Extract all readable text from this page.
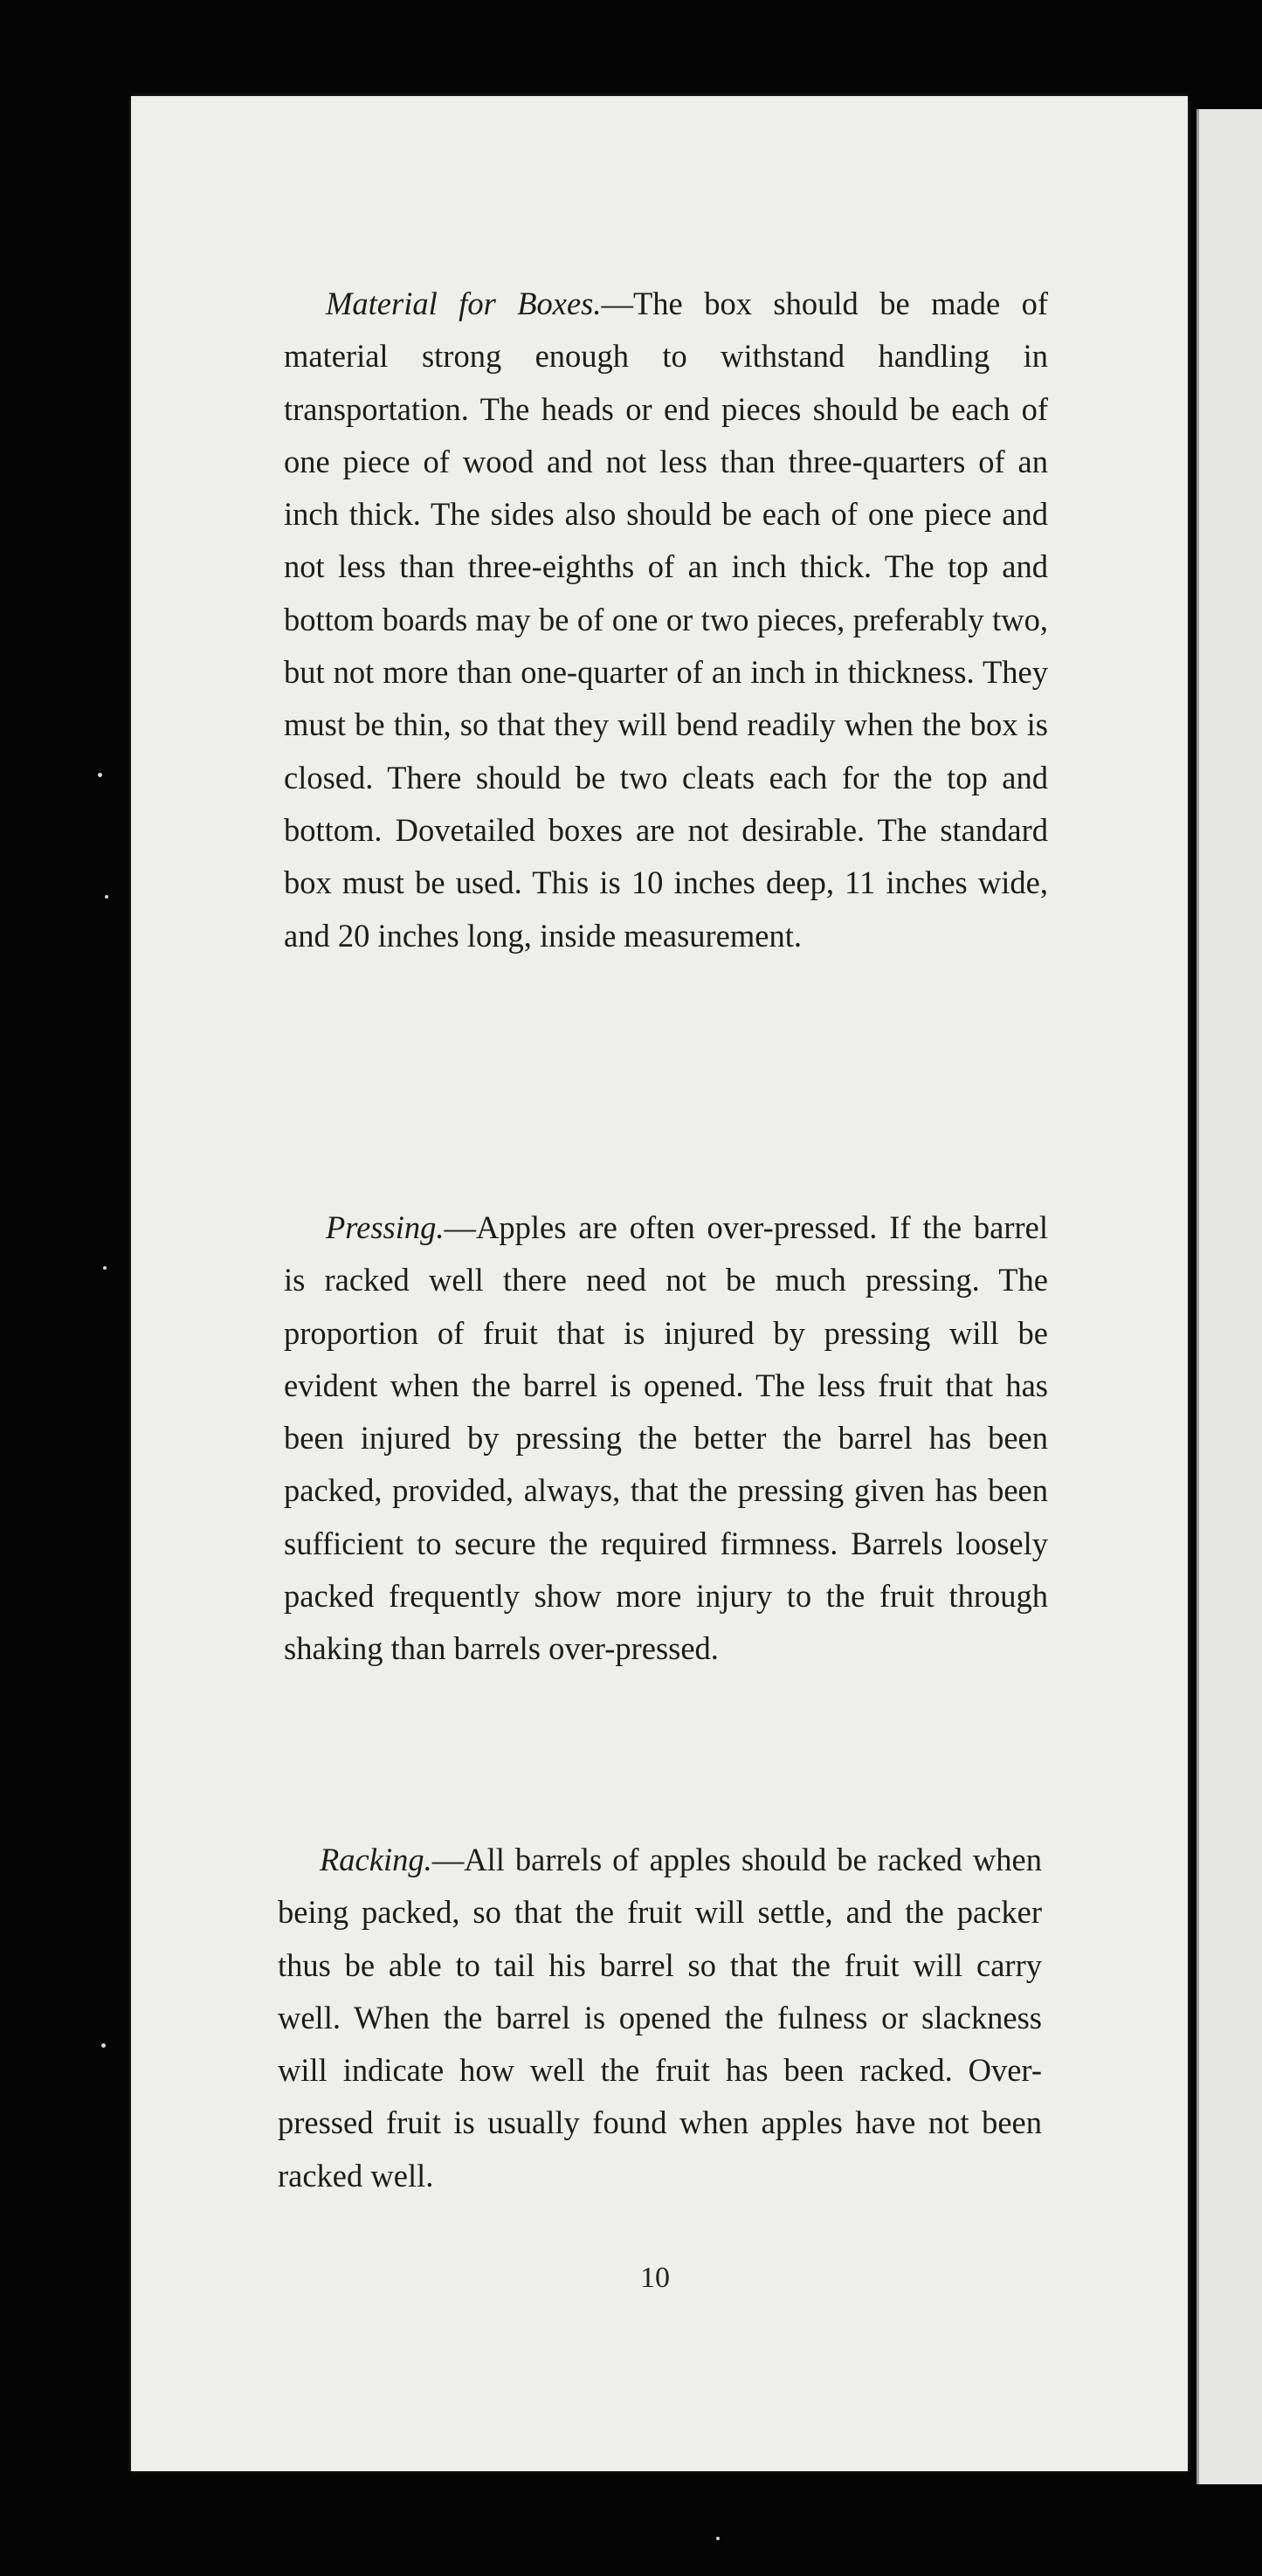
Material for Boxes.—The box should be made of material strong enough to withstand handling in transportation. The heads or end pieces should be each of one piece of wood and not less than three-quarters of an inch thick. The sides also should be each of one piece and not less than three-eighths of an inch thick. The top and bottom boards may be of one or two pieces, preferably two, but not more than one-quarter of an inch in thickness. They must be thin, so that they will bend readily when the box is closed. There should be two cleats each for the top and bottom. Dovetailed boxes are not desirable. The standard box must be used. This is 10 inches deep, 11 inches wide, and 20 inches long, inside measurement.
Pressing.—Apples are often over-pressed. If the barrel is racked well there need not be much pressing. The proportion of fruit that is injured by pressing will be evident when the barrel is opened. The less fruit that has been injured by pressing the better the barrel has been packed, provided, always, that the pressing given has been sufficient to secure the required firmness. Barrels loosely packed frequently show more injury to the fruit through shaking than barrels over-pressed.
Racking.—All barrels of apples should be racked when being packed, so that the fruit will settle, and the packer thus be able to tail his barrel so that the fruit will carry well. When the barrel is opened the fulness or slackness will indicate how well the fruit has been racked. Over-pressed fruit is usually found when apples have not been racked well.
10
